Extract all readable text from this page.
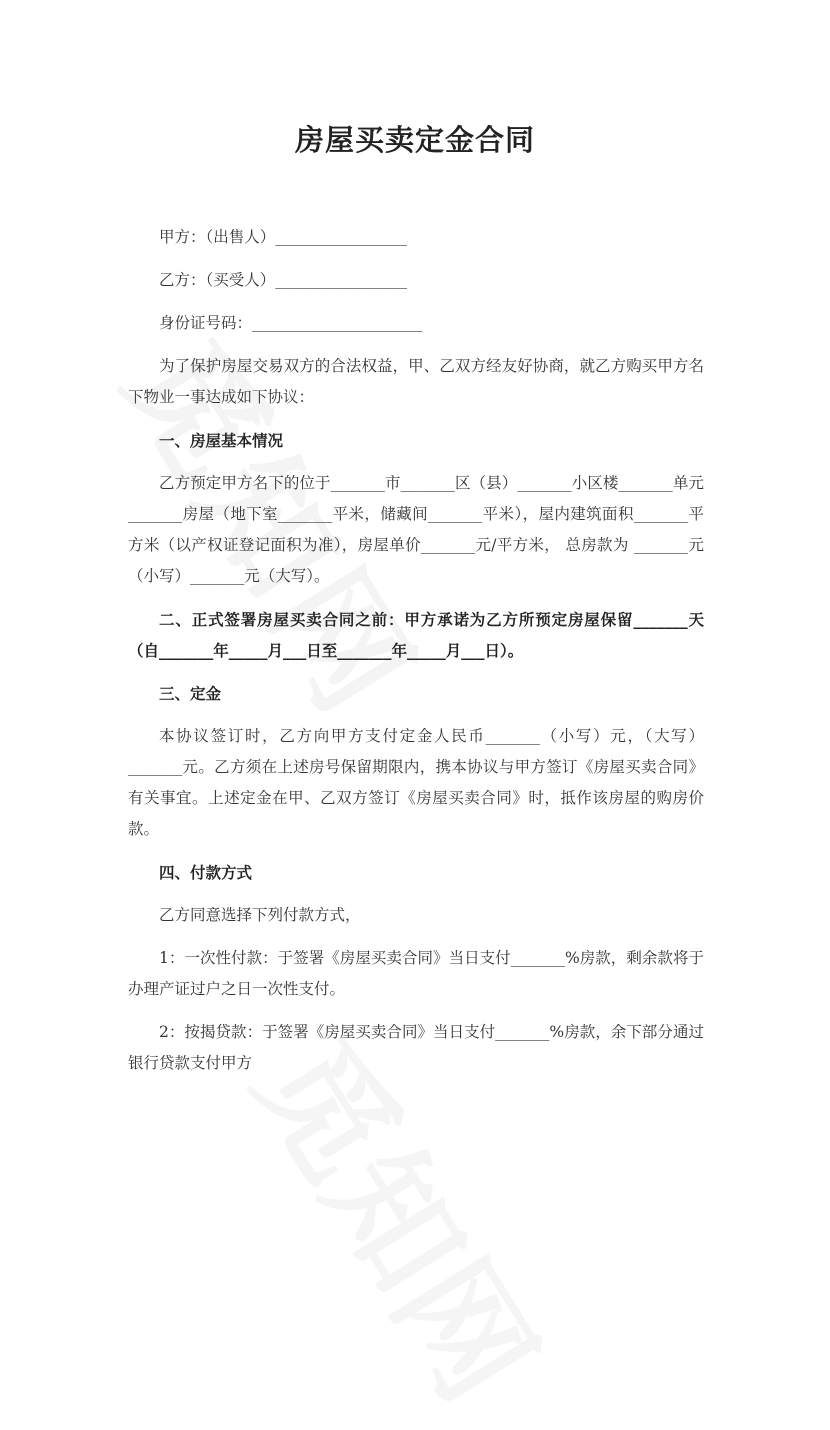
房屋买卖定金合同

甲方：（出售人）_________________

乙方：（买受人）_________________

身份证号码：______________________

为了保护房屋交易双方的合法权益，甲、乙双方经友好协商，就乙方购买甲方名下物业一事达成如下协议：

一、房屋基本情况

乙方预定甲方名下的位于_______市_______区（县）_______小区楼_______单元_______房屋（地下室_______平米，储藏间_______平米），屋内建筑面积_______平方米（以产权证登记面积为准），房屋单价_______元/平方米， 总房款为 _______元（小写）_______元（大写）。

二、正式签署房屋买卖合同之前：甲方承诺为乙方所预定房屋保留_______天（自_______年_____月___日至_______年_____月___日）。

三、定金

本协议签订时，乙方向甲方支付定金人民币_______（小写）元，（大写） _______元。乙方须在上述房号保留期限内，携本协议与甲方签订《房屋买卖合同》有关事宜。上述定金在甲、乙双方签订《房屋买卖合同》时，抵作该房屋的购房价款。

四、付款方式

乙方同意选择下列付款方式，

1：一次性付款：于签署《房屋买卖合同》当日支付_______%房款，剩余款将于办理产证过户之日一次性支付。

2：按揭贷款：于签署《房屋买卖合同》当日支付_______%房款，余下部分通过银行贷款支付甲方
